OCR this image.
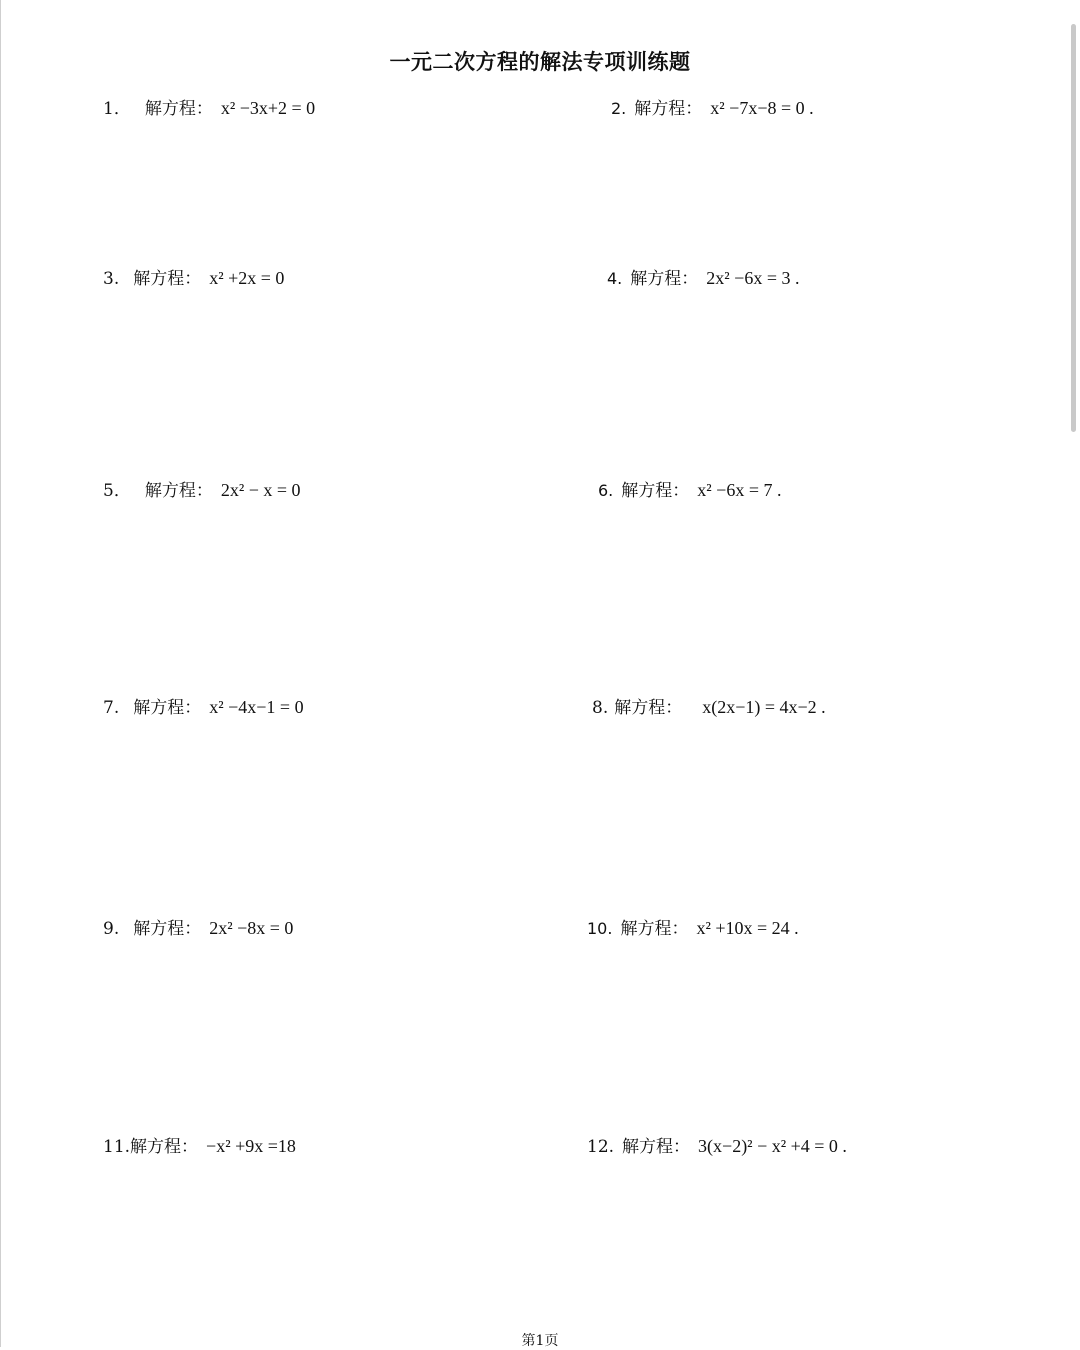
一元二次方程的解法专项训练题
1． 解方程： x² −3x+2 = 0	2. 解方程： x² −7x−8 = 0 .
3. 解方程： x² +2x = 0	4. 解方程： 2x² −6x = 3 .
5． 解方程： 2x² − x = 0	6. 解方程： x² −6x = 7 .
7. 解方程： x² −4x−1 = 0	8. 解方程： x(2x−1) = 4x−2 .
9. 解方程： 2x² −8x = 0	10. 解方程： x² +10x = 24 .
11. 解方程： −x² +9x =18	12. 解方程： 3(x−2)² − x² +4 = 0 .
第1页
